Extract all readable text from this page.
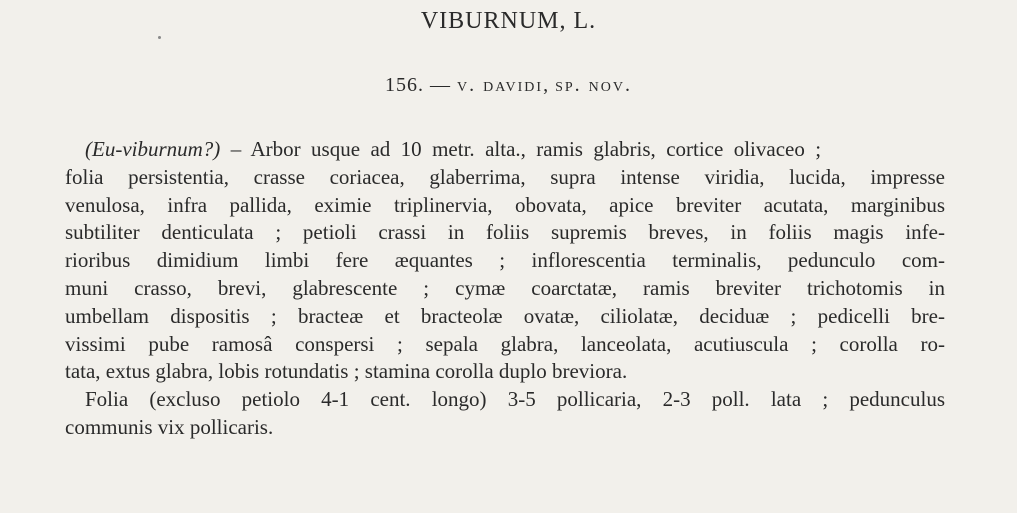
VIBURNUM, L.
156. — v. davidi, sp. nov.
(Eu-viburnum?) – Arbor usque ad 10 metr. alta., ramis glabris, cortice olivaceo ;
folia persistentia, crasse coriacea, glaberrima, supra intense viridia, lucida, impresse
venulosa, infra pallida, eximie triplinervia, obovata, apice breviter acutata, marginibus
subtiliter denticulata ; petioli crassi in foliis supremis breves, in foliis magis infe-
rioribus dimidium limbi fere æquantes ; inflorescentia terminalis, pedunculo com-
muni crasso, brevi, glabrescente ; cymæ coarctatæ, ramis breviter trichotomis in
umbellam dispositis ; bracteæ et bracteolæ ovatæ, ciliolatæ, deciduæ ; pedicelli bre-
vissimi pube ramosâ conspersi ; sepala glabra, lanceolata, acutiuscula ; corolla ro-
tata, extus glabra, lobis rotundatis ; stamina corolla duplo breviora.
Folia (excluso petiolo 4-1 cent. longo) 3-5 pollicaria, 2-3 poll. lata ; pedunculus
communis vix pollicaris.
